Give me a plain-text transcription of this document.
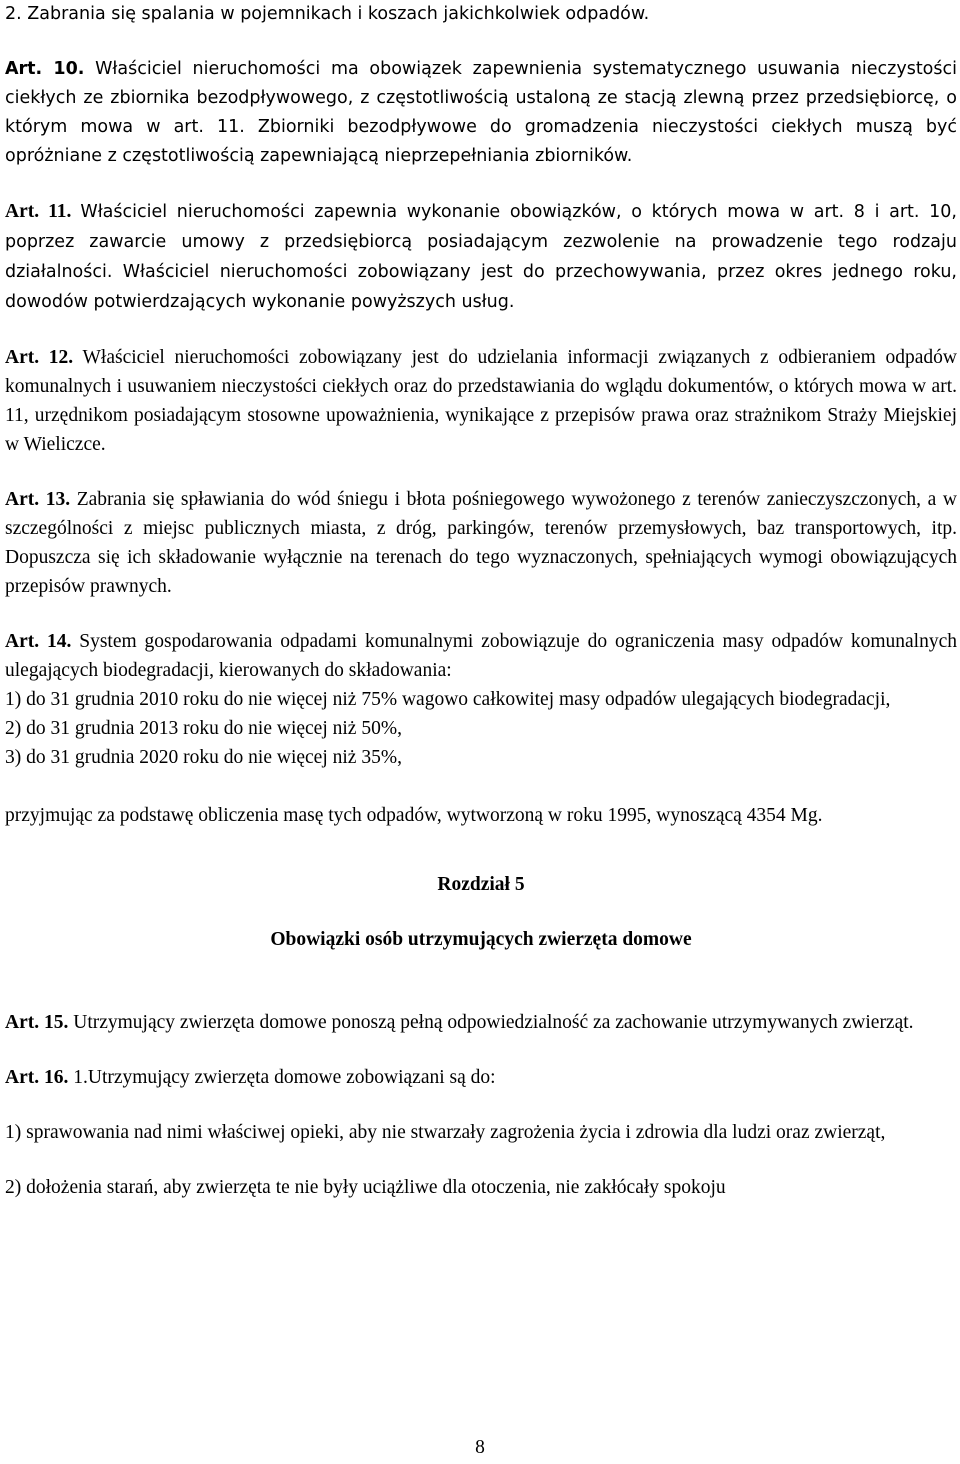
2. Zabrania się spalania w pojemnikach i koszach jakichkolwiek odpadów.

Art. 10. Właściciel nieruchomości ma obowiązek zapewnienia systematycznego usuwania nieczystości ciekłych ze zbiornika bezodpływowego, z częstotliwością ustaloną ze stacją zlewną przez przedsiębiorcę, o którym mowa w art. 11. Zbiorniki bezodpływowe do gromadzenia nieczystości ciekłych muszą być opróżniane z częstotliwością zapewniającą nieprzepełniania zbiorników.

Art. 11. Właściciel nieruchomości zapewnia wykonanie obowiązków, o których mowa w art. 8 i art. 10, poprzez zawarcie umowy z przedsiębiorcą posiadającym zezwolenie na prowadzenie tego rodzaju działalności. Właściciel nieruchomości zobowiązany jest do przechowywania, przez okres jednego roku, dowodów potwierdzających wykonanie powyższych usług.

Art. 12. Właściciel nieruchomości zobowiązany jest do udzielania informacji związanych z odbieraniem odpadów komunalnych i usuwaniem nieczystości ciekłych oraz do przedstawiania do wglądu dokumentów, o których mowa w art. 11, urzędnikom posiadającym stosowne upoważnienia, wynikające z przepisów prawa oraz strażnikom Straży Miejskiej w Wieliczce.

Art. 13. Zabrania się spławiania do wód śniegu i błota pośniegowego wywożonego z terenów zanieczyszczonych, a w szczególności z miejsc publicznych miasta, z dróg, parkingów, terenów przemysłowych, baz transportowych, itp. Dopuszcza się ich składowanie wyłącznie na terenach do tego wyznaczonych, spełniających wymogi obowiązujących przepisów prawnych.

Art. 14. System gospodarowania odpadami komunalnymi zobowiązuje do ograniczenia masy odpadów komunalnych ulegających biodegradacji, kierowanych do składowania:

1) do 31 grudnia 2010 roku do nie więcej niż 75% wagowo całkowitej masy odpadów ulegających biodegradacji,

2) do 31 grudnia 2013 roku do nie więcej niż 50%,

3) do 31 grudnia 2020 roku do nie więcej niż 35%,

przyjmując za podstawę obliczenia masę tych odpadów, wytworzoną w roku 1995, wynoszącą 4354 Mg.

Rozdział 5

Obowiązki osób utrzymujących zwierzęta domowe

Art. 15. Utrzymujący zwierzęta domowe ponoszą pełną odpowiedzialność za zachowanie utrzymywanych zwierząt.

Art. 16. 1.Utrzymujący zwierzęta domowe zobowiązani są do:

1) sprawowania nad nimi właściwej opieki, aby nie stwarzały zagrożenia życia i zdrowia dla ludzi oraz zwierząt,

2) dołożenia starań, aby zwierzęta te nie były uciążliwe dla otoczenia, nie zakłócały spokoju

8
